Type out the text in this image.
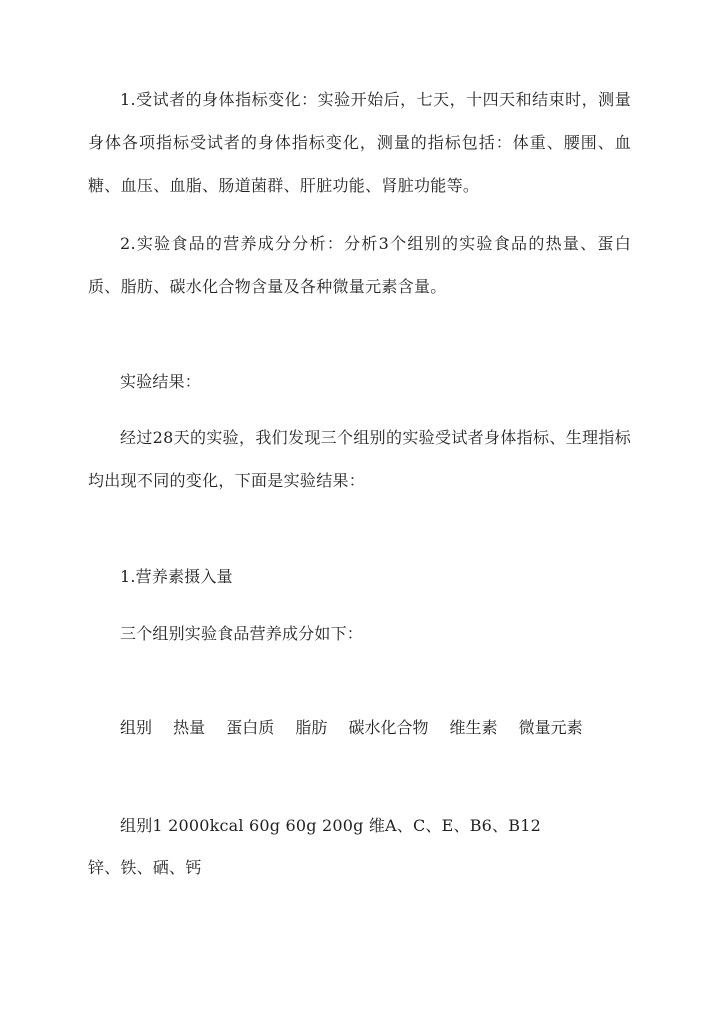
1.受试者的身体指标变化：实验开始后，七天，十四天和结束时，测量身体各项指标受试者的身体指标变化，测量的指标包括：体重、腰围、血糖、血压、血脂、肠道菌群、肝脏功能、肾脏功能等。
2.实验食品的营养成分分析：分析3个组别的实验食品的热量、蛋白质、脂肪、碳水化合物含量及各种微量元素含量。
实验结果：
经过28天的实验，我们发现三个组别的实验受试者身体指标、生理指标均出现不同的变化，下面是实验结果：
1.营养素摄入量
三个组别实验食品营养成分如下：
组别 热量 蛋白质 脂肪 碳水化合物 维生素 微量元素
组别1 2000kcal 60g 60g 200g 维A、C、E、B6、B12
锌、铁、硒、钙
